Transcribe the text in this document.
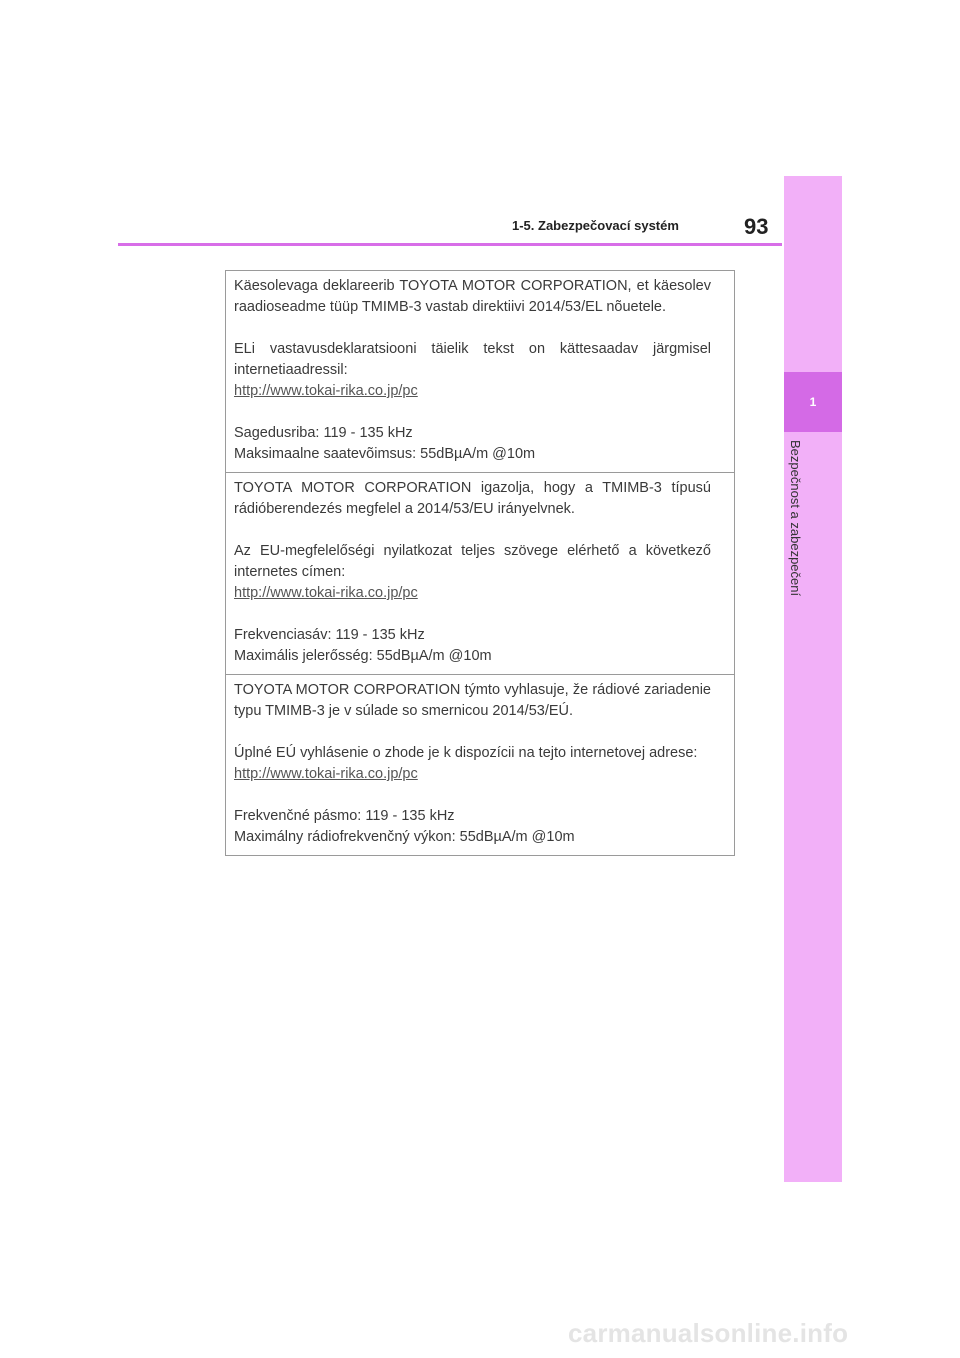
1-5. Zabezpečovací systém	93
1
Bezpečnost a zabezpečení

Käesolevaga deklareerib TOYOTA MOTOR CORPORATION, et käesolev raadioseadme tüüp TMIMB-3 vastab direktiivi 2014/53/EL nõuetele.

ELi vastavusdeklaratsiooni täielik tekst on kättesaadav järgmisel internetiaadressil:

http://www.tokai-rika.co.jp/pc

Sagedusriba: 119 - 135 kHz

Maksimaalne saatevõimsus: 55dBµA/m @10m

TOYOTA MOTOR CORPORATION igazolja, hogy a TMIMB-3 típusú rádióberendezés megfelel a 2014/53/EU irányelvnek.

Az EU-megfelelőségi nyilatkozat teljes szövege elérhető a következő internetes címen:

http://www.tokai-rika.co.jp/pc

Frekvenciasáv: 119 - 135 kHz

Maximális jelerősség: 55dBµA/m @10m

TOYOTA MOTOR CORPORATION týmto vyhlasuje, že rádiové zariadenie typu TMIMB-3 je v súlade so smernicou 2014/53/EÚ.

Úplné EÚ vyhlásenie o zhode je k dispozícii na tejto internetovej adrese:

http://www.tokai-rika.co.jp/pc

Frekvenčné pásmo: 119 - 135 kHz

Maximálny rádiofrekvenčný výkon: 55dBµA/m @10m

carmanualsonline.info
